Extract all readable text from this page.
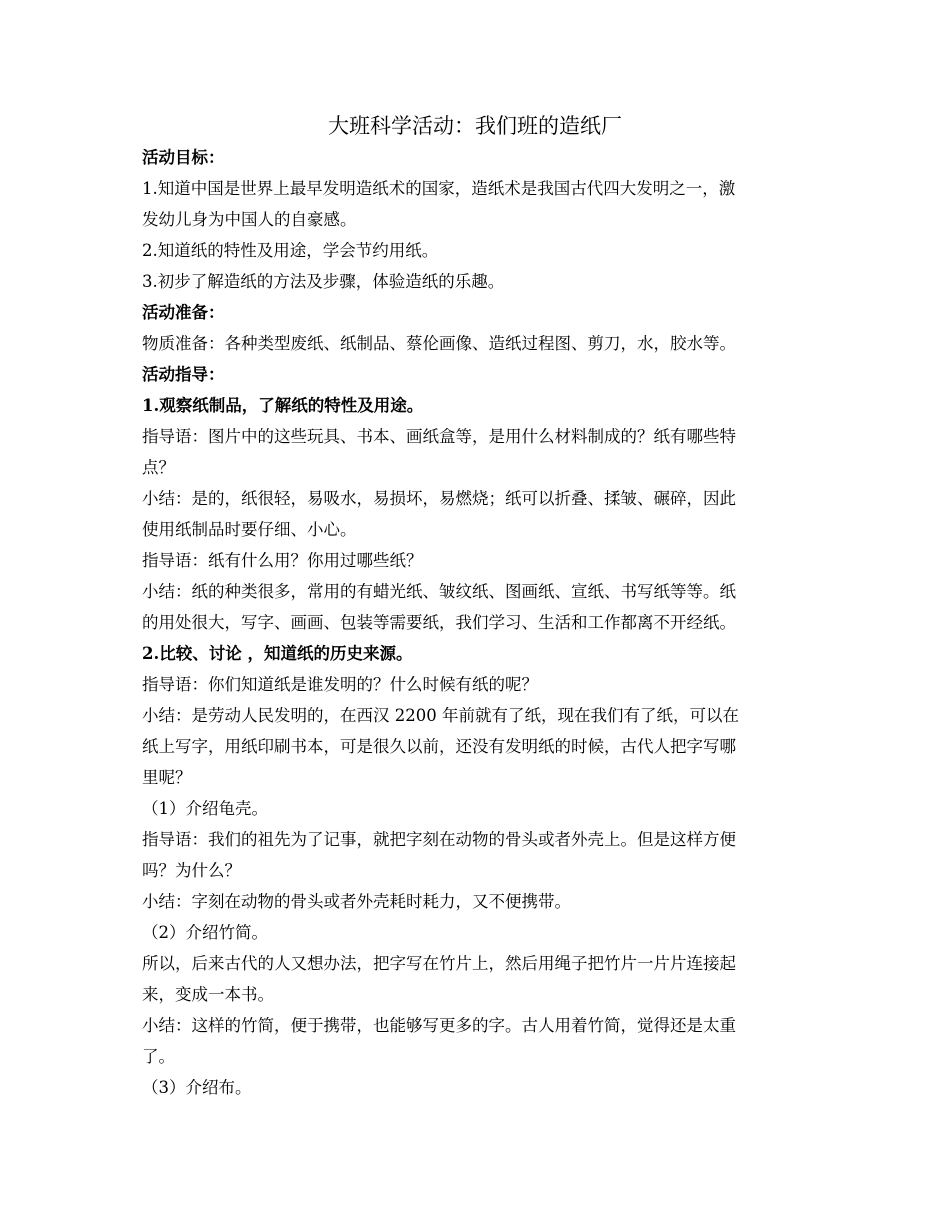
大班科学活动：我们班的造纸厂
活动目标：
1.知道中国是世界上最早发明造纸术的国家，造纸术是我国古代四大发明之一，激
发幼儿身为中国人的自豪感。
2.知道纸的特性及用途，学会节约用纸。
3.初步了解造纸的方法及步骤，体验造纸的乐趣。
活动准备：
物质准备：各种类型废纸、纸制品、蔡伦画像、造纸过程图、剪刀，水，胶水等。
活动指导：
1.观察纸制品，了解纸的特性及用途。
指导语：图片中的这些玩具、书本、画纸盒等，是用什么材料制成的？纸有哪些特
点？
小结：是的，纸很轻，易吸水，易损坏，易燃烧；纸可以折叠、揉皱、碾碎，因此
使用纸制品时要仔细、小心。
指导语：纸有什么用？你用过哪些纸？
小结：纸的种类很多，常用的有蜡光纸、皱纹纸、图画纸、宣纸、书写纸等等。纸
的用处很大，写字、画画、包装等需要纸，我们学习、生活和工作都离不开经纸。
2.比较、讨论 ，知道纸的历史来源。
指导语：你们知道纸是谁发明的？什么时候有纸的呢？
小结：是劳动人民发明的，在西汉 2200 年前就有了纸，现在我们有了纸，可以在
纸上写字，用纸印刷书本，可是很久以前，还没有发明纸的时候，古代人把字写哪
里呢？
（1）介绍龟壳。
指导语：我们的祖先为了记事，就把字刻在动物的骨头或者外壳上。但是这样方便
吗？为什么？
小结：字刻在动物的骨头或者外壳耗时耗力，又不便携带。
（2）介绍竹简。
所以，后来古代的人又想办法，把字写在竹片上，然后用绳子把竹片一片片连接起
来，变成一本书。
小结：这样的竹简，便于携带，也能够写更多的字。古人用着竹简，觉得还是太重
了。
（3）介绍布。
